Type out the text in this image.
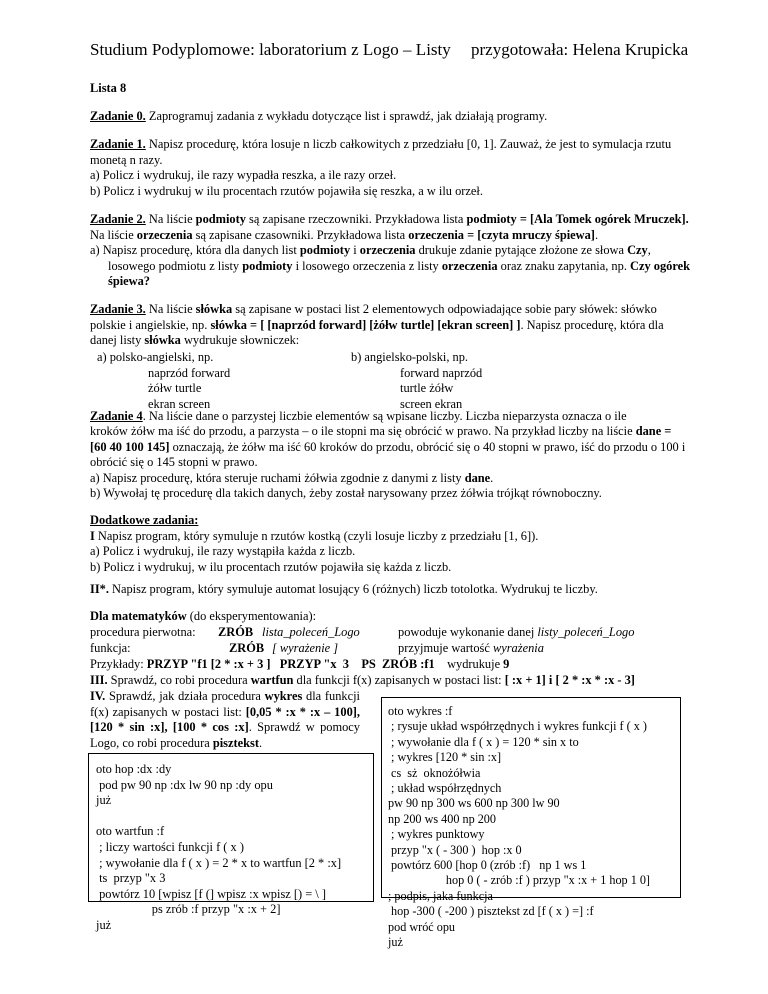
Studium Podyplomowe: laboratorium z Logo – Listy przygotowała: Helena Krupicka
Lista 8
Zadanie 0. Zaprogramuj zadania z wykładu dotyczące list i sprawdź, jak działają programy.
Zadanie 1. Napisz procedurę, która losuje n liczb całkowitych z przedziału [0, 1]. Zauważ, że jest to symulacja rzutu monetą n razy.
a) Policz i wydrukuj, ile razy wypadła reszka, a ile razy orzeł.
b) Policz i wydrukuj w ilu procentach rzutów pojawiła się reszka, a w ilu orzeł.
Zadanie 2. Na liście podmioty są zapisane rzeczowniki. Przykładowa lista podmioty = [Ala Tomek ogórek Mruczek]. Na liście orzeczenia są zapisane czasowniki. Przykładowa lista orzeczenia = [czyta mruczy śpiewa].
a) Napisz procedurę, która dla danych list podmioty i orzeczenia drukuje zdanie pytające złożone ze słowa Czy, losowego podmiotu z listy podmioty i losowego orzeczenia z listy orzeczenia oraz znaku zapytania, np. Czy ogórek śpiewa?
Zadanie 3. Na liście słówka są zapisane w postaci list 2 elementowych odpowiadające sobie pary słówek: słówko polskie i angielskie, np. słówka = [ [naprzód forward] [żółw turtle] [ekran screen] ]. Napisz procedurę, która dla danej listy słówka wydrukuje słowniczek:
a) polsko-angielski, np.
naprzód forward
żółw turtle
ekran screen
b) angielsko-polski, np.
forward naprzód
turtle żółw
screen ekran
Zadanie 4. Na liście dane o parzystej liczbie elementów są wpisane liczby. Liczba nieparzysta oznacza o ile
kroków żółw ma iść do przodu, a parzysta – o ile stopni ma się obrócić w prawo. Na przykład liczby na liście dane = [60 40 100 145] oznaczają, że żółw ma iść 60 kroków do przodu, obrócić się o 40 stopni w prawo, iść do przodu o 100 i obrócić się o 145 stopni w prawo.
a) Napisz procedurę, która steruje ruchami żółwia zgodnie z danymi z listy dane.
b) Wywołaj tę procedurę dla takich danych, żeby został narysowany przez żółwia trójkąt równoboczny.
Dodatkowe zadania:
I Napisz program, który symuluje n rzutów kostką (czyli losuje liczby z przedziału [1, 6]).
a) Policz i wydrukuj, ile razy wystąpiła każda z liczb.
b) Policz i wydrukuj, w ilu procentach rzutów pojawiła się każda z liczb.
II*. Napisz program, który symuluje automat losujący 6 (różnych) liczb totolotka. Wydrukuj te liczby.
Dla matematyków (do eksperymentowania):
procedura pierwotna: ZRÓB lista_poleceń_Logo	powoduje wykonanie danej listy_poleceń_Logo
funkcja:	ZRÓB [ wyrażenie ]	przyjmuje wartość wyrażenia
Przykłady: PRZYP "f1 [2 * :x + 3 ]   PRZYP "x  3    PS  ZRÓB :f1    wydrukuje 9
III. Sprawdź, co robi procedura wartfun dla funkcji f(x) zapisanych w postaci list: [ :x + 1] i [ 2 * :x * :x - 3]
IV. Sprawdź, jak działa procedura wykres dla funkcji f(x) zapisanych w postaci list: [0,05 * :x * :x – 100], [120 * sin :x], [100 * cos :x]. Sprawdź w pomocy Logo, co robi procedura pisztekst.
oto hop :dx :dy
pod pw 90 np :dx lw 90 np :dy opu
już

oto wartfun :f
; liczy wartości funkcji f ( x )
; wywołanie dla f ( x ) = 2 * x to wartfun [2 * :x]
ts  przyp "x 3
powtórz 10 [wpisz [f (] wpisz :x wpisz [) = \ ]
ps zrób :f przyp "x :x + 2]
już
oto wykres :f
; rysuje układ współrzędnych i wykres funkcji f ( x )
; wywołanie dla f ( x ) = 120 * sin x to
; wykres [120 * sin :x]
cs  sż  oknożółwia
; układ współrzędnych
pw 90 np 300 ws 600 np 300 lw 90
np 200 ws 400 np 200
; wykres punktowy
przyp "x ( - 300 )  hop :x 0
powtórz 600 [hop 0 (zrób :f)   np 1 ws 1
hop 0 ( - zrób :f ) przyp "x :x + 1 hop 1 0]
; podpis, jaka funkcja
hop -300 ( -200 ) pisztekst zd [f ( x ) =] :f
pod wróć opu
już
